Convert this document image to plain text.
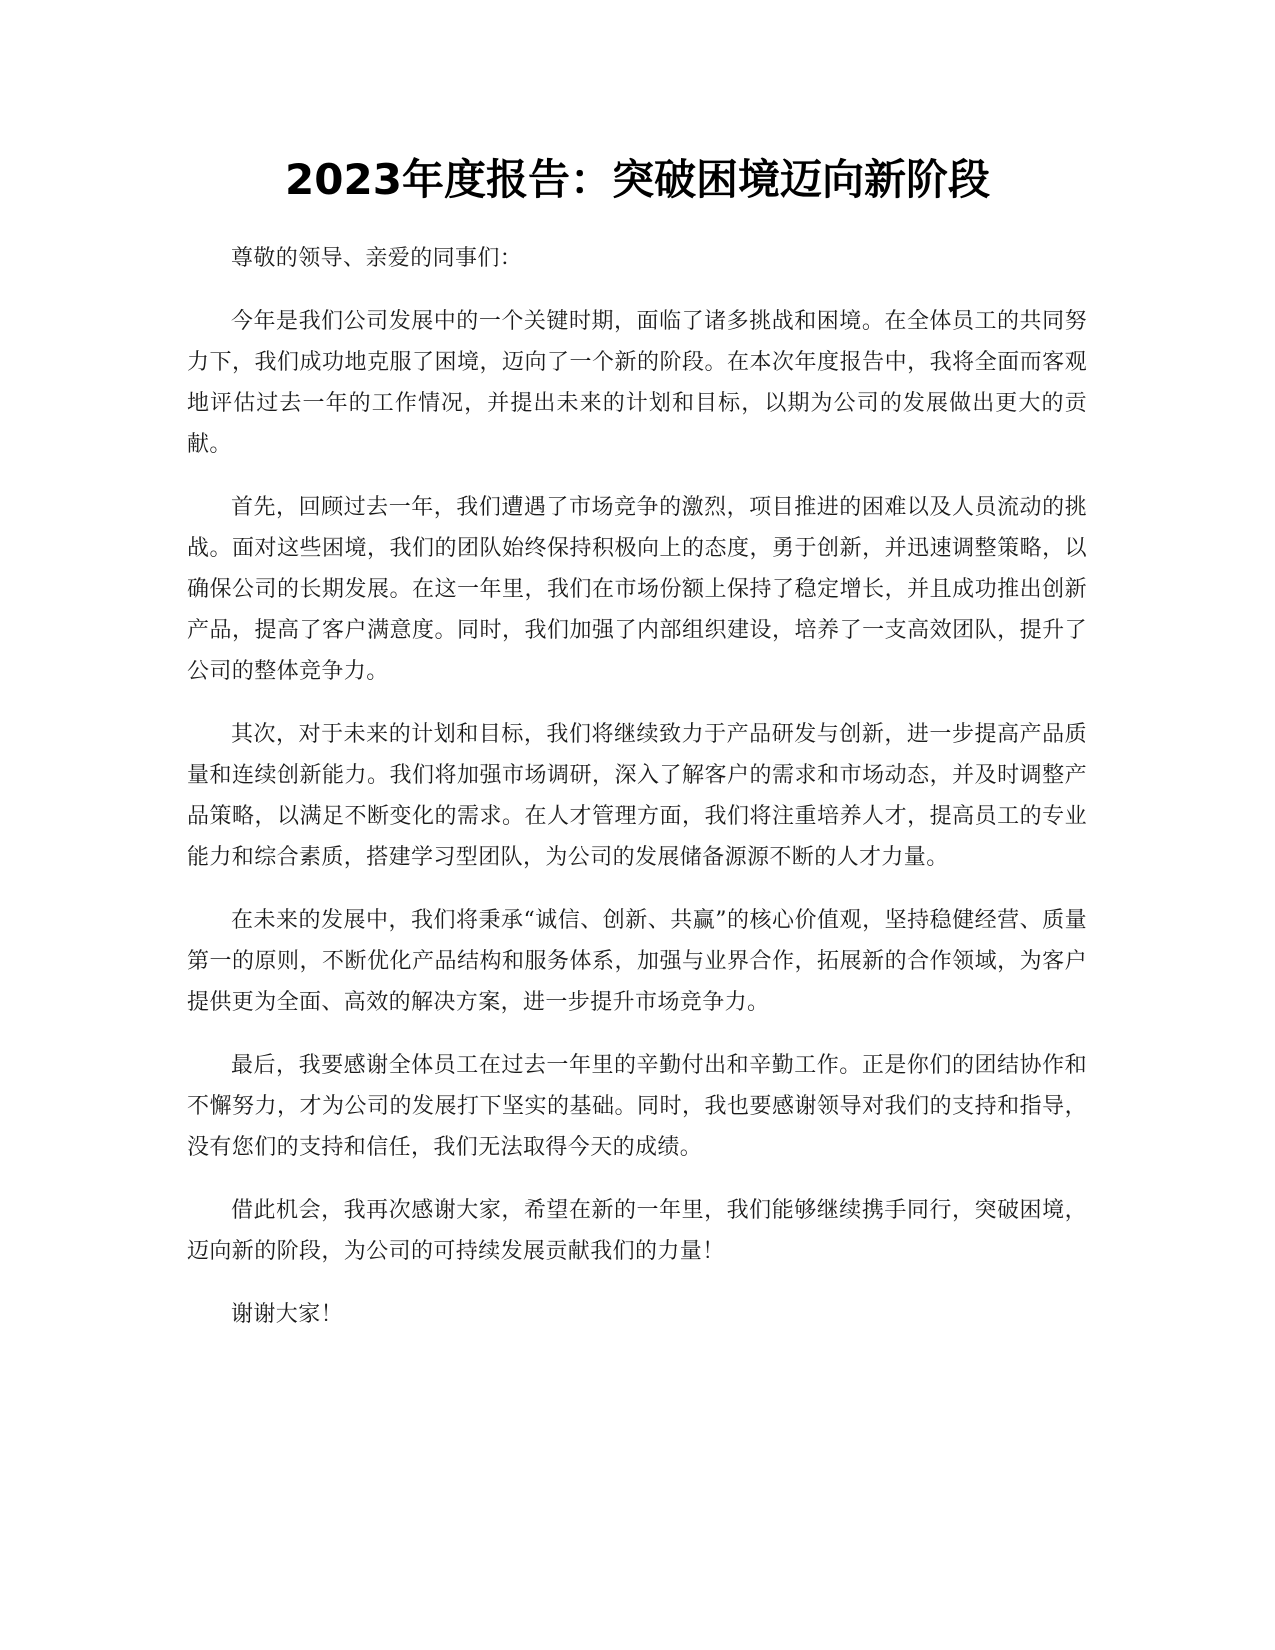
2023年度报告：突破困境迈向新阶段

尊敬的领导、亲爱的同事们：

今年是我们公司发展中的一个关键时期，面临了诸多挑战和困境。在全体员工的共同努力下，我们成功地克服了困境，迈向了一个新的阶段。在本次年度报告中，我将全面而客观地评估过去一年的工作情况，并提出未来的计划和目标，以期为公司的发展做出更大的贡献。

首先，回顾过去一年，我们遭遇了市场竞争的激烈，项目推进的困难以及人员流动的挑战。面对这些困境，我们的团队始终保持积极向上的态度，勇于创新，并迅速调整策略，以确保公司的长期发展。在这一年里，我们在市场份额上保持了稳定增长，并且成功推出创新产品，提高了客户满意度。同时，我们加强了内部组织建设，培养了一支高效团队，提升了公司的整体竞争力。

其次，对于未来的计划和目标，我们将继续致力于产品研发与创新，进一步提高产品质量和连续创新能力。我们将加强市场调研，深入了解客户的需求和市场动态，并及时调整产品策略，以满足不断变化的需求。在人才管理方面，我们将注重培养人才，提高员工的专业能力和综合素质，搭建学习型团队，为公司的发展储备源源不断的人才力量。

在未来的发展中，我们将秉承“诚信、创新、共赢”的核心价值观，坚持稳健经营、质量第一的原则，不断优化产品结构和服务体系，加强与业界合作，拓展新的合作领域，为客户提供更为全面、高效的解决方案，进一步提升市场竞争力。

最后，我要感谢全体员工在过去一年里的辛勤付出和辛勤工作。正是你们的团结协作和不懈努力，才为公司的发展打下坚实的基础。同时，我也要感谢领导对我们的支持和指导，没有您们的支持和信任，我们无法取得今天的成绩。

借此机会，我再次感谢大家，希望在新的一年里，我们能够继续携手同行，突破困境，迈向新的阶段，为公司的可持续发展贡献我们的力量！

谢谢大家！
